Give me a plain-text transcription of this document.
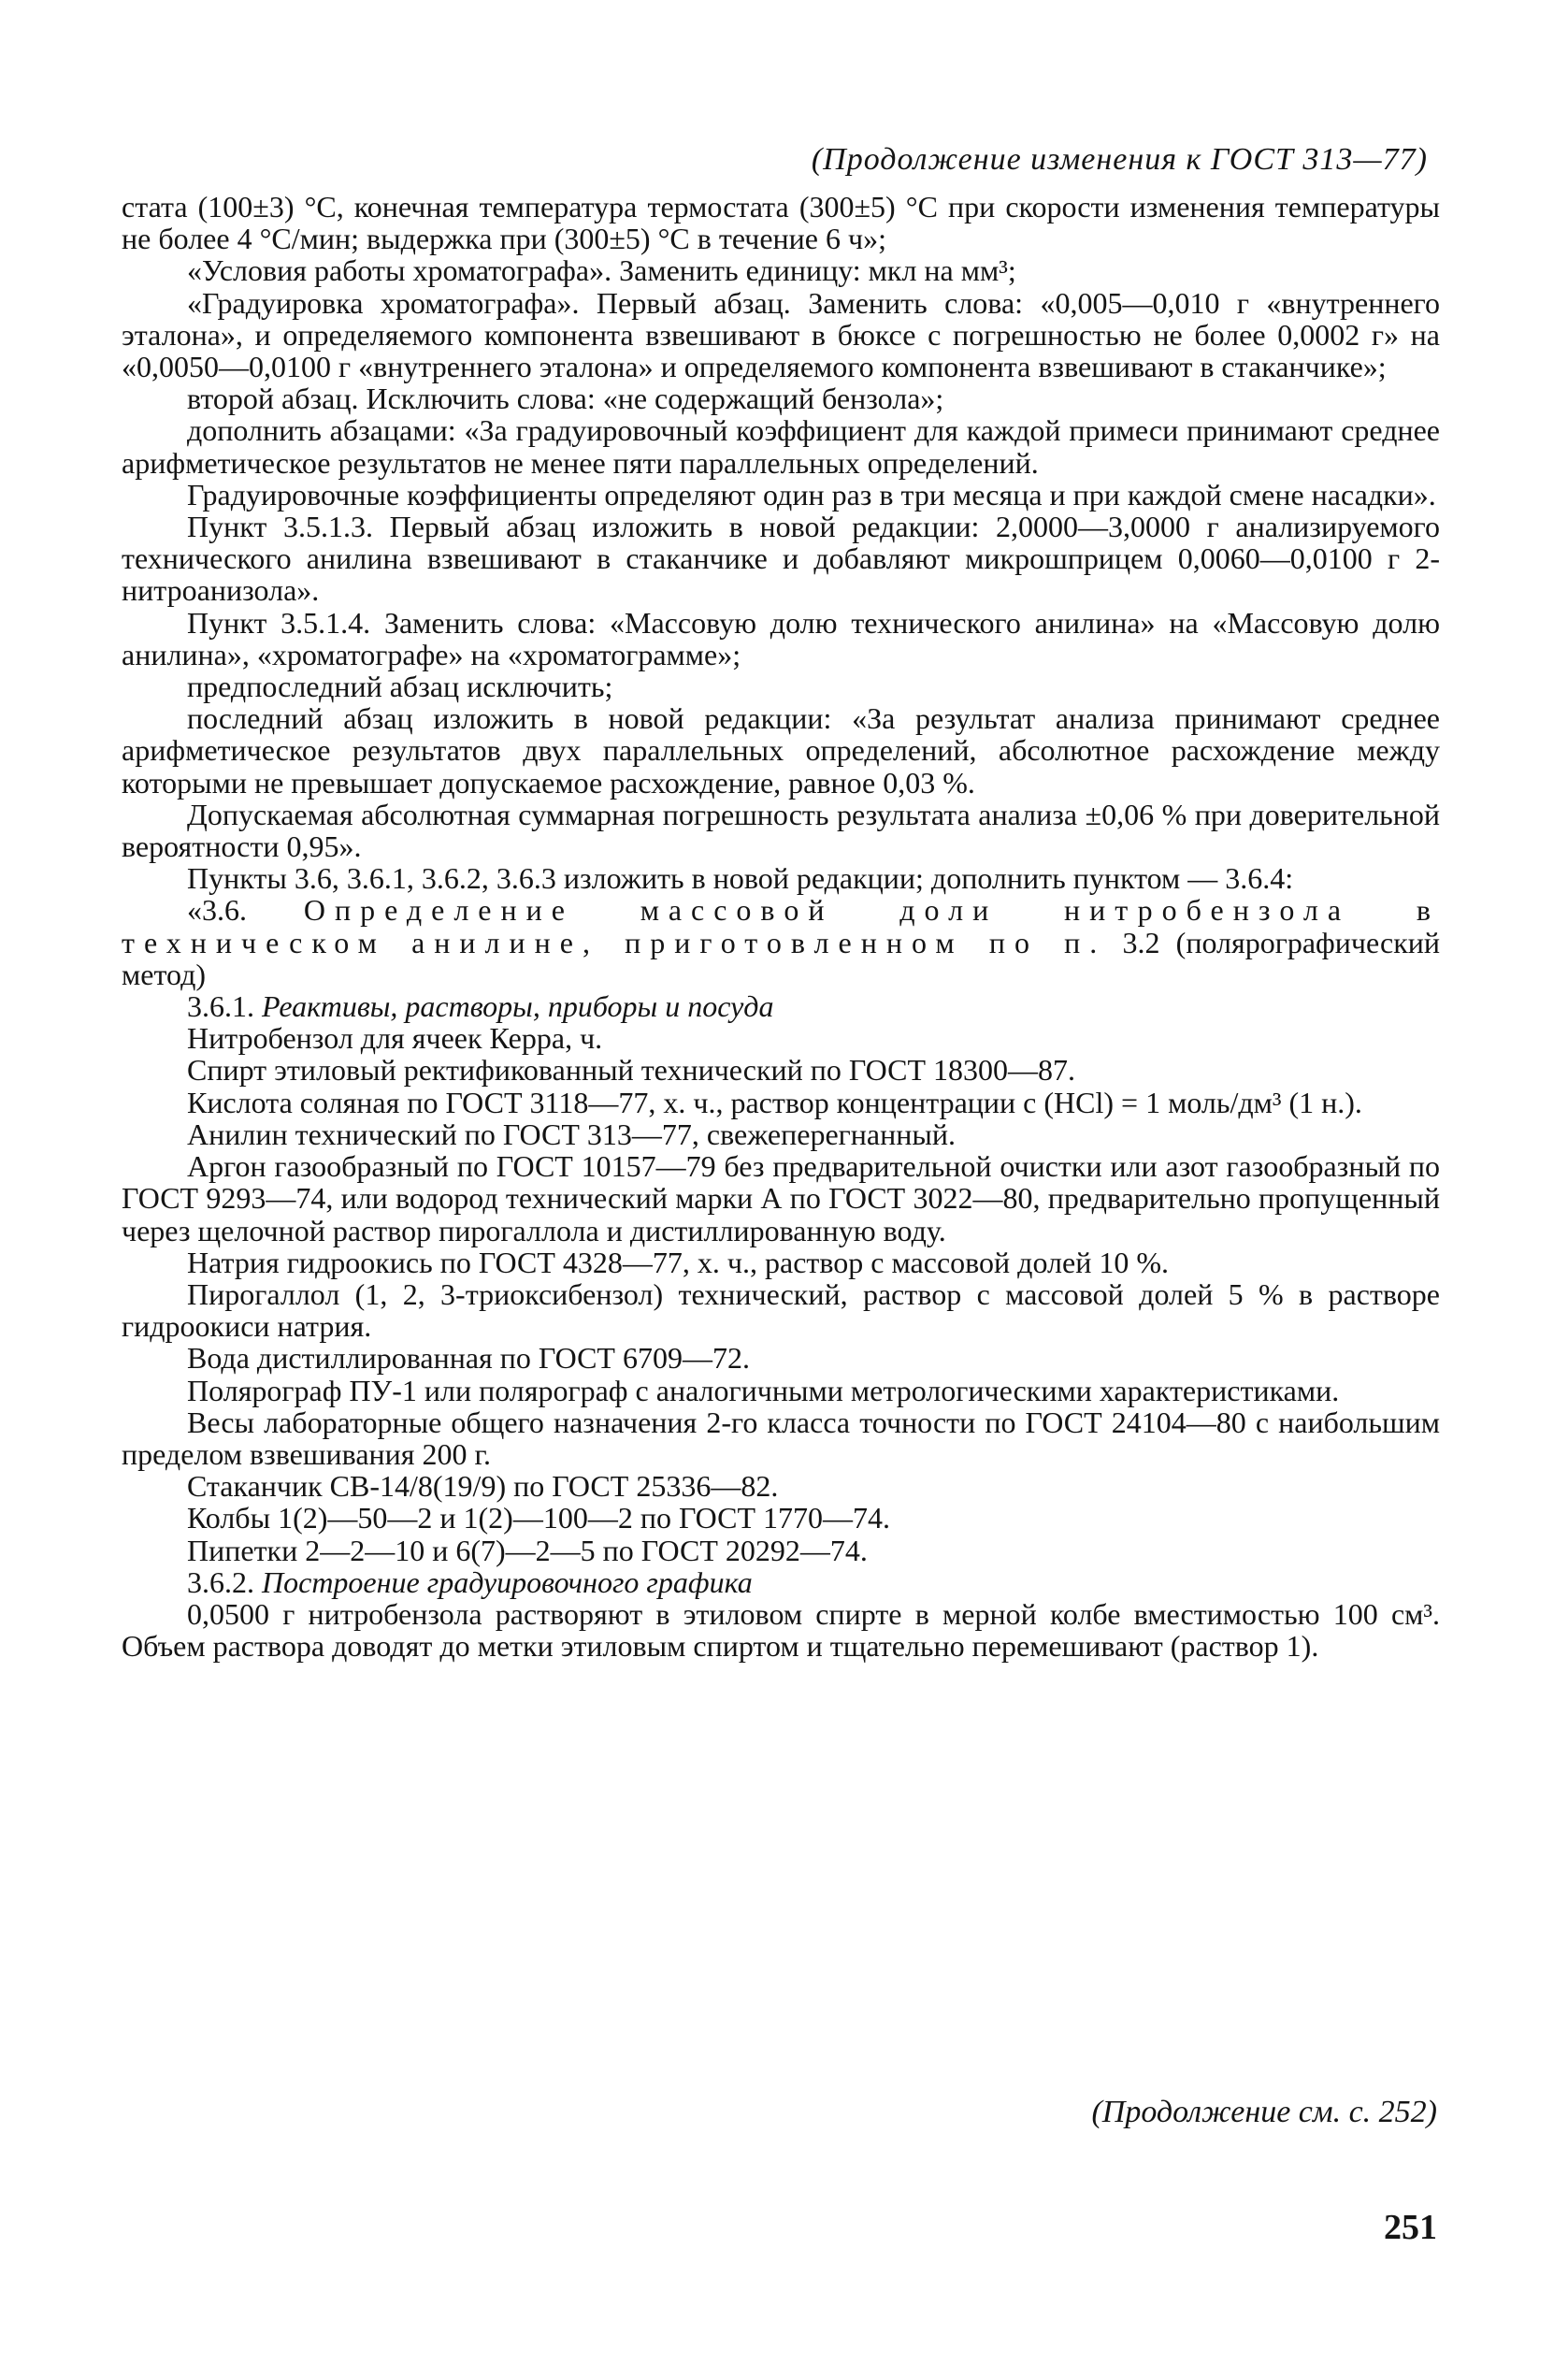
(Продолжение изменения к ГОСТ 313—77)

стата (100±3) °С, конечная температура термостата (300±5) °С при скорости изменения температуры не более 4 °С/мин; выдержка при (300±5) °С в течение 6 ч»;

«Условия работы хроматографа». Заменить единицу: мкл на мм³;

«Градуировка хроматографа». Первый абзац. Заменить слова: «0,005—0,010 г «внутреннего эталона», и определяемого компонента взвешивают в бюксе с погрешностью не более 0,0002 г» на «0,0050—0,0100 г «внутреннего эталона» и определяемого компонента взвешивают в стаканчике»;

второй абзац. Исключить слова: «не содержащий бензола»;

дополнить абзацами: «За градуировочный коэффициент для каждой примеси принимают среднее арифметическое результатов не менее пяти параллельных определений.

Градуировочные коэффициенты определяют один раз в три месяца и при каждой смене насадки».

Пункт 3.5.1.3. Первый абзац изложить в новой редакции: 2,0000—3,0000 г анализируемого технического анилина взвешивают в стаканчике и добавляют микрошприцем 0,0060—0,0100 г 2-нитроанизола».

Пункт 3.5.1.4. Заменить слова: «Массовую долю технического анилина» на «Массовую долю анилина», «хроматографе» на «хроматограмме»;

предпоследний абзац исключить;

последний абзац изложить в новой редакции: «За результат анализа принимают среднее арифметическое результатов двух параллельных определений, абсолютное расхождение между которыми не превышает допускаемое расхождение, равное 0,03 %.

Допускаемая абсолютная суммарная погрешность результата анализа ±0,06 % при доверительной вероятности 0,95».

Пункты 3.6, 3.6.1, 3.6.2, 3.6.3 изложить в новой редакции; дополнить пунктом — 3.6.4:

«3.6. Определение массовой доли нитробензола в техническом анилине, приготовленном по п. 3.2 (полярографический метод)

3.6.1. Реактивы, растворы, приборы и посуда

Нитробензол для ячеек Керра, ч.

Спирт этиловый ректификованный технический по ГОСТ 18300—87.

Кислота соляная по ГОСТ 3118—77, х. ч., раствор концентрации с (HCl) = 1 моль/дм³ (1 н.).

Анилин технический по ГОСТ 313—77, свежеперегнанный.

Аргон газообразный по ГОСТ 10157—79 без предварительной очистки или азот газообразный по ГОСТ 9293—74, или водород технический марки А по ГОСТ 3022—80, предварительно пропущенный через щелочной раствор пирогаллола и дистиллированную воду.

Натрия гидроокись по ГОСТ 4328—77, х. ч., раствор с массовой долей 10 %.

Пирогаллол (1, 2, 3-триоксибензол) технический, раствор с массовой долей 5 % в растворе гидроокиси натрия.

Вода дистиллированная по ГОСТ 6709—72.

Полярограф ПУ-1 или полярограф с аналогичными метрологическими характеристиками.

Весы лабораторные общего назначения 2-го класса точности по ГОСТ 24104—80 с наибольшим пределом взвешивания 200 г.

Стаканчик СВ-14/8(19/9) по ГОСТ 25336—82.

Колбы 1(2)—50—2 и 1(2)—100—2 по ГОСТ 1770—74.

Пипетки 2—2—10 и 6(7)—2—5 по ГОСТ 20292—74.

3.6.2. Построение градуировочного графика

0,0500 г нитробензола растворяют в этиловом спирте в мерной колбе вместимостью 100 см³. Объем раствора доводят до метки этиловым спиртом и тщательно перемешивают (раствор 1).

(Продолжение см. с. 252)
251
